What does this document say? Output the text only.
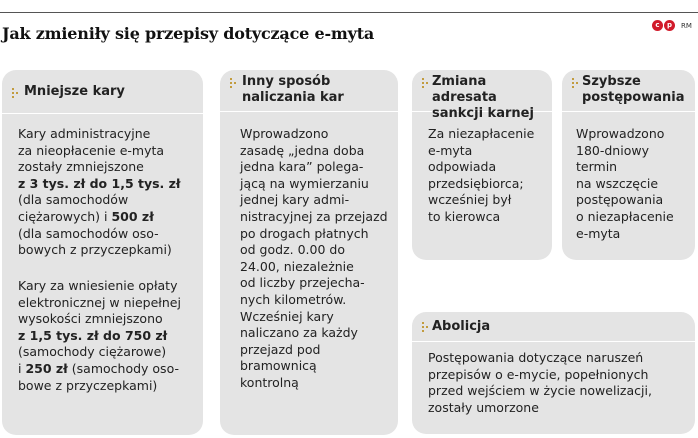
Jak zmieniły się przepisy dotyczące e-myta	c	p	RM
Mniejsze kary
Kary administracyjne
za nieopłacenie e-myta
zostały zmniejszone
z 3 tys. zł do 1,5 tys. zł
(dla samochodów
ciężarowych) i 500 zł
(dla samochodów oso-
bowych z przyczepkami)
Kary za wniesienie opłaty
elektronicznej w niepełnej
wysokości zmniejszono
z 1,5 tys. zł do 750 zł
(samochody ciężarowe)
i 250 zł (samochody oso-
bowe z przyczepkami)
Inny sposób
naliczania kar
Wprowadzono
zasadę „jedna doba
jedna kara” polega-
jącą na wymierzaniu
jednej kary admi-
nistracyjnej za przejazd
po drogach płatnych
od godz. 0.00 do
24.00, niezależnie
od liczby przejecha-
nych kilometrów.
Wcześniej kary
naliczano za każdy
przejazd pod
bramownicą
kontrolną
Zmiana adresata
sankcji karnej
Za niezapłacenie
e-myta
odpowiada
przedsiębiorca;
wcześniej był
to kierowca
Szybsze
postępowania
Wprowadzono
180-dniowy
termin
na wszczęcie
postępowania
o niezapłacenie
e-myta
Abolicja
Postępowania dotyczące naruszeń
przepisów o e-mycie, popełnionych
przed wejściem w życie nowelizacji,
zostały umorzone
